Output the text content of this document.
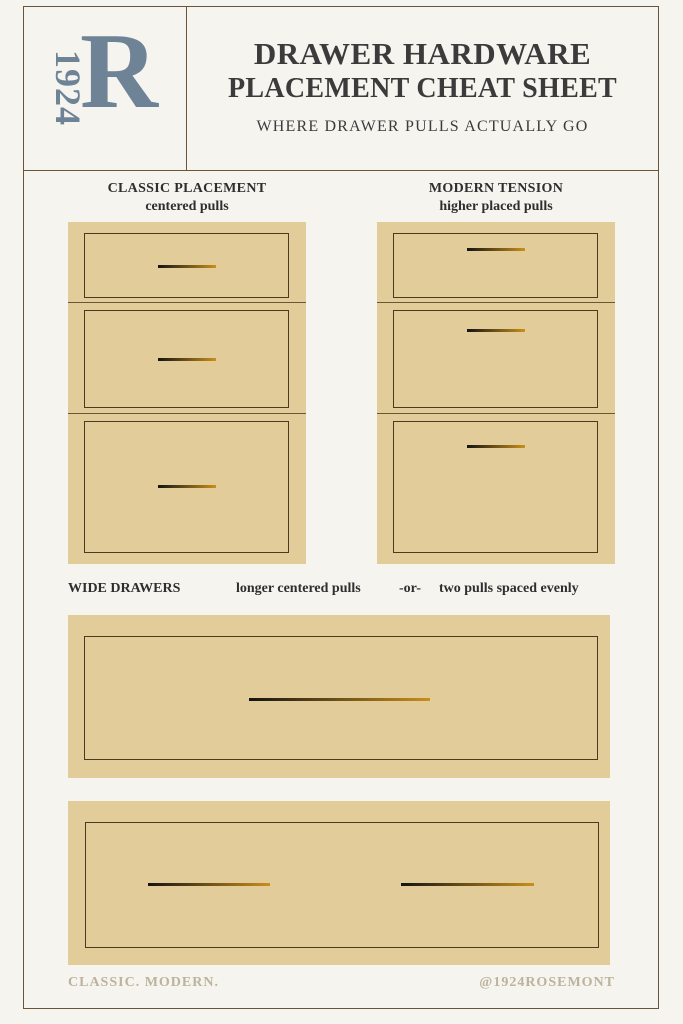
1924
R	DRAWER HARDWARE
PLACEMENT CHEAT SHEET
WHERE DRAWER PULLS ACTUALLY GO
CLASSIC PLACEMENT
centered pulls
MODERN TENSION
higher placed pulls
WIDE DRAWERS	longer centered pulls	-or- two pulls spaced evenly
CLASSIC. MODERN.	@1924ROSEMONT
